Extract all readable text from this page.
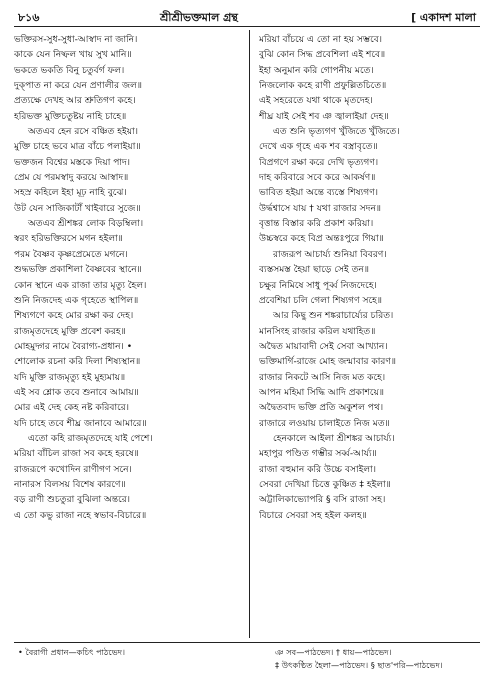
৮১৬	শ্রীশ্রীভক্তমাল গ্রন্থ	[ একাদশ মালা
ভক্তিরস-সুধ-সুধা-আস্বাদ না জানি।
কাকে যেন নিষ্ফল খায় সুখ মানি॥
ভকতে ভকতি বিনু চতুর্বর্গ ফল।
দুক্পাত না করে যেন প্রণালীর জল॥
প্রত্যক্ষে দেখহ আর শ্রুতিগণ কহে।
হরিভক্ত মুক্তিচতুষ্টয় নাহি চাহে॥
অতএব হেন রসে বঞ্চিত হইয়া।
মুক্তি চাহে ভবে মাত্র বাঁচে পলাইয়া॥
ভক্তজন বিশ্বের মস্তকে দিয়া পাদ।
প্রেম যে পরমস্বাদু করয়ে আস্বাদ॥
সহস্র কহিলে ইহা মূঢ় নাহি বুঝে।
উট যেন সাজিকাটাঁ খাইবারে সুজে॥
অতএব শ্রীশঙ্কর লোক বিড়ম্বিলা।
স্বরং হরিভক্তিরসে মগন হইলা॥
পরম বৈষ্ণব কৃষ্ণপ্রেমেতে মগনে।
শুদ্ধভক্তি প্রকাশিলা বৈষ্ণবের স্থানে॥
কোন স্থানে এক রাজা তার মৃত্যু হৈল।
শুনি নিজদেহ এক গৃহেতে স্থাপিল॥
শিষ্যগণে কহে মোর রক্ষা কর দেহ।
রাজমৃতদেহে মুক্তি প্রবেশ করহ॥
মোহমুদ্গর নামে বৈরাগ্য-প্রধান। •
শোলোক রচনা করি দিলা শিষ্যস্থান॥
যদি মুক্তি রাজমৃত্যু হই মুহ্যমায়॥
এই সব শ্লোক তবে শুনাবে আমায়॥
মোর এই দেহ কেহ নষ্ট করিবারে।
যদি চাহে তবে শীঘ্র জানাবে আমারে॥
এতো কহি রাজমৃতদেহে যাই পেশে।
মরিয়া বাঁচিল রাজা সব কহে হরষে॥
রাজরূপে কখোদিন রাণীগণ সনে।
নানারস বিলসয় বিশেষ কারণে॥
বড় রাণী শুচতুরা বুঝিলা অন্তরে।
এ তো কভু রাজা নহে স্বভাব-বিচারে॥
মরিয়া বাঁচয়ে এ তো না হয় সম্ভবে।
বুঝি কোন সিদ্ধ প্রবেশিলা এই শবে॥
ইহা অনুমান করি গোপনীয় মতে।
নিজলোক কহে রাণী প্রফুল্লিতচিতে॥
এই সহরেতে যথা থাকে মৃতদেহ।
শীঘ্র যাই সেই শব ঞ জ্বালাইয়া দেহ॥
এত শুনি ভৃত্যগণ খুঁজিতে খুঁজিতে।
দেখে এক গৃহে এক শব বস্ত্রাবৃতে॥
বিপ্রগণে রক্ষা করে দেখি ভৃত্যগণ।
দাহ করিবারে সবে করে আকর্ষণ॥
ভাবিত হইয়া অন্তে ব্যস্তে শিষ্যগণ।
উর্দ্ধশ্বাসে যায় † যথা রাজার সদন॥
বৃত্তান্ত বিস্তার করি প্রকাশ করিয়া।
উচ্চস্বরে কহে বিপ্র অন্তঃপুরে গিয়া॥
রাজরূপ আচার্য্য শুনিয়া বিবরণ।
ব্যস্তসমস্ত হৈয়া ছাড়ে সেই তন॥
চক্ষুর নিমিষে সাধু পূর্ব্ব নিজদেহে।
প্রবেশিয়া চলি গেলা শিষ্যগণ সহে॥
আর কিছু শুন শঙ্করাচার্য্যের চরিত।
মানসিংহ রাজার করিল যথাহিত॥
অদ্বৈত মায়াবাদী সেই সেবা আখ্যান।
ভক্তিমার্গি-রাজে মোহ জন্মাবার কারণ॥
রাজার নিকটে আসি নিজ মত কহে।
আপন মহিমা সিদ্ধি আদি প্রকাশয়ে॥
অদ্বৈতবাদ ভক্তি প্রতি অকুশল পথ।
রাজারে লওয়ায় চালাইতে নিজ মত॥
হেনকালে আইলা শ্রীশঙ্কর আচার্য্য।
মহাপুর পণ্ডিত গম্ভীর সর্ব্ব-আর্য্য॥
রাজা বহুমান করি উচ্চে বসাইলা।
সেবরা দেখিয়া চিত্তে কুঞ্চিত ‡ হইলা॥
অট্টালিকাভ্যোপরি § বসি রাজা সহ।
বিচারে সেবরা সহ হইল কলহ॥
• বৈরাগী প্রধান—কচিৎ পাঠভেদ।	ঞ সব—পাঠভেদ। † ধায়—পাঠভেদ।
‡ উৎকণ্ঠিত হৈলা—পাঠভেদ। § ছাত'পরি—পাঠভেদ।
